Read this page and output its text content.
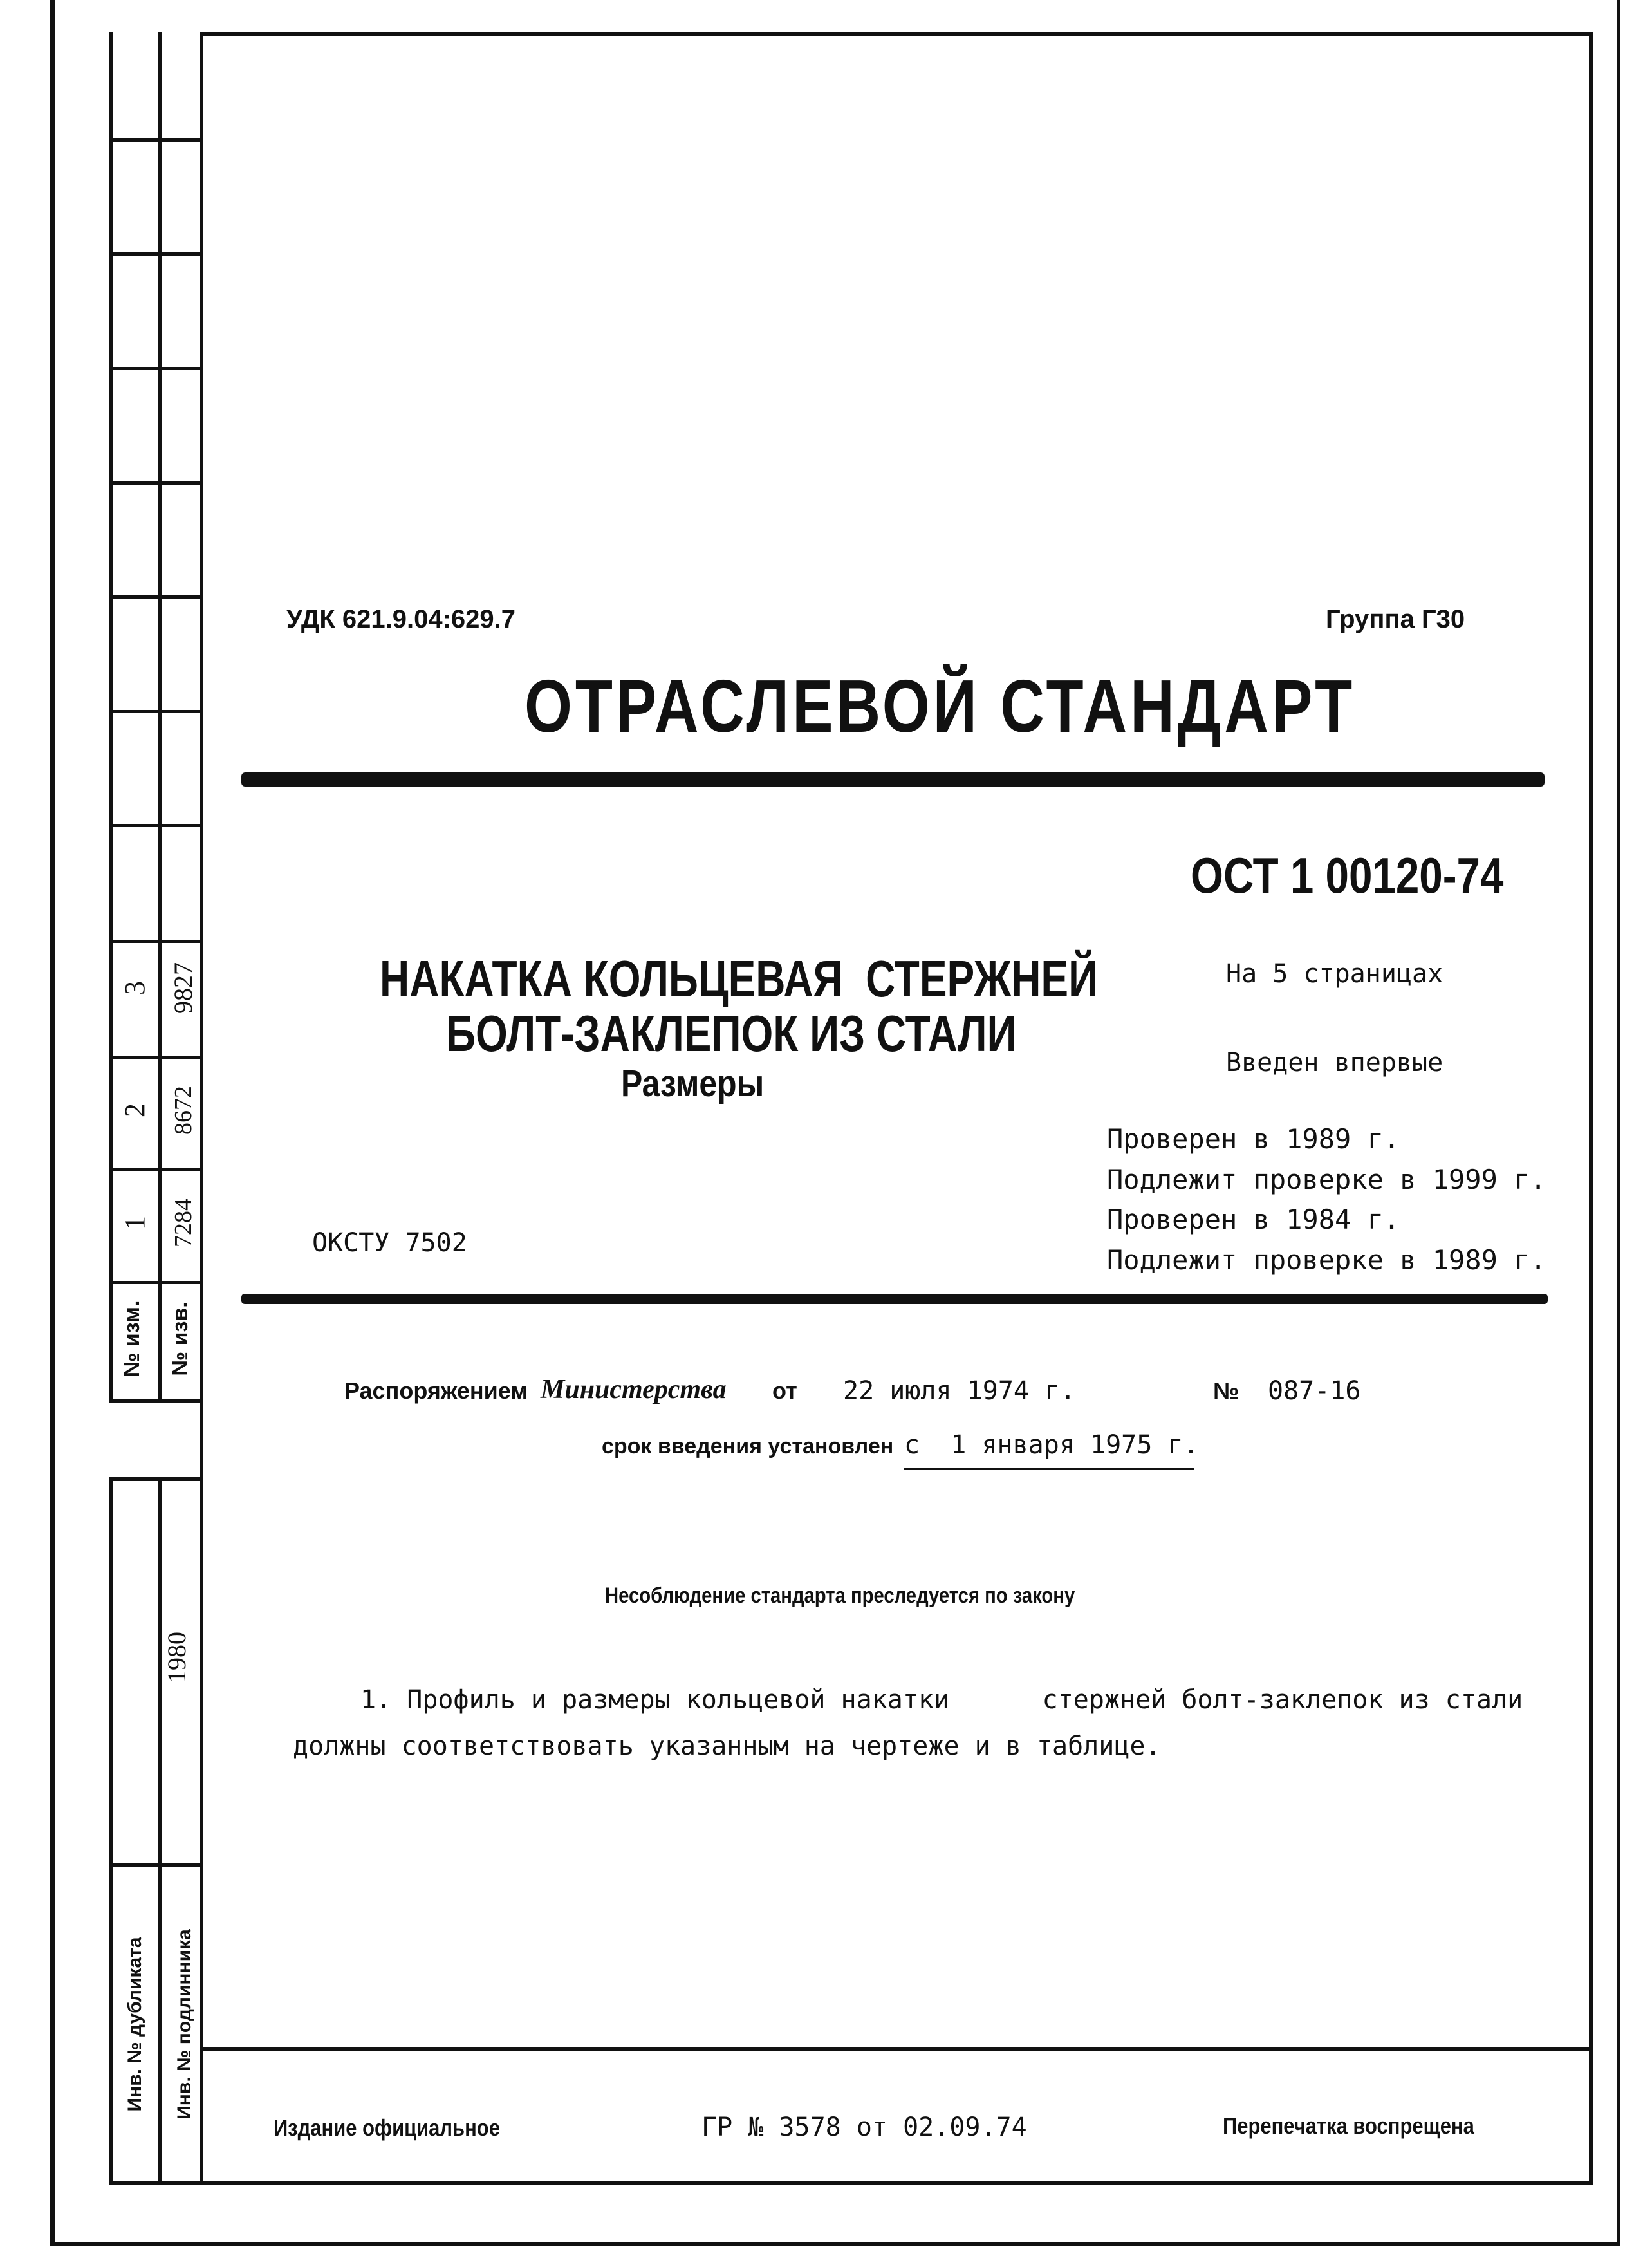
3 9827
2 8672
1 7284
№ изм.	№ изв.
1980
Инв. № дубликата	Инв. № подлинника
УДК 621.9.04:629.7	Группа Г30
ОТРАСЛЕВОЙ СТАНДАРТ
ОСТ 1 00120-74
НАКАТКА КОЛЬЦЕВАЯ  СТЕРЖНЕЙ
БОЛТ-ЗАКЛЕПОК ИЗ СТАЛИ
Размеры
На 5 страницах
Введен впервые
Проверен в 1989 г.
Подлежит проверке в 1999 г.
Проверен в 1984 г.
Подлежит проверке в 1989 г.
ОКСТУ 7502
Распоряжением Министерства от 22 июля 1974 г.	№ 087-16
срок введения установлен с  1 января 1975 г.
Несоблюдение стандарта преследуется по закону
1. Профиль и размеры кольцевой накатки      стержней болт-заклепок из стали
должны соответствовать указанным на чертеже и в таблице.
Издание официальное	ГР № 3578 от 02.09.74	Перепечатка воспрещена
